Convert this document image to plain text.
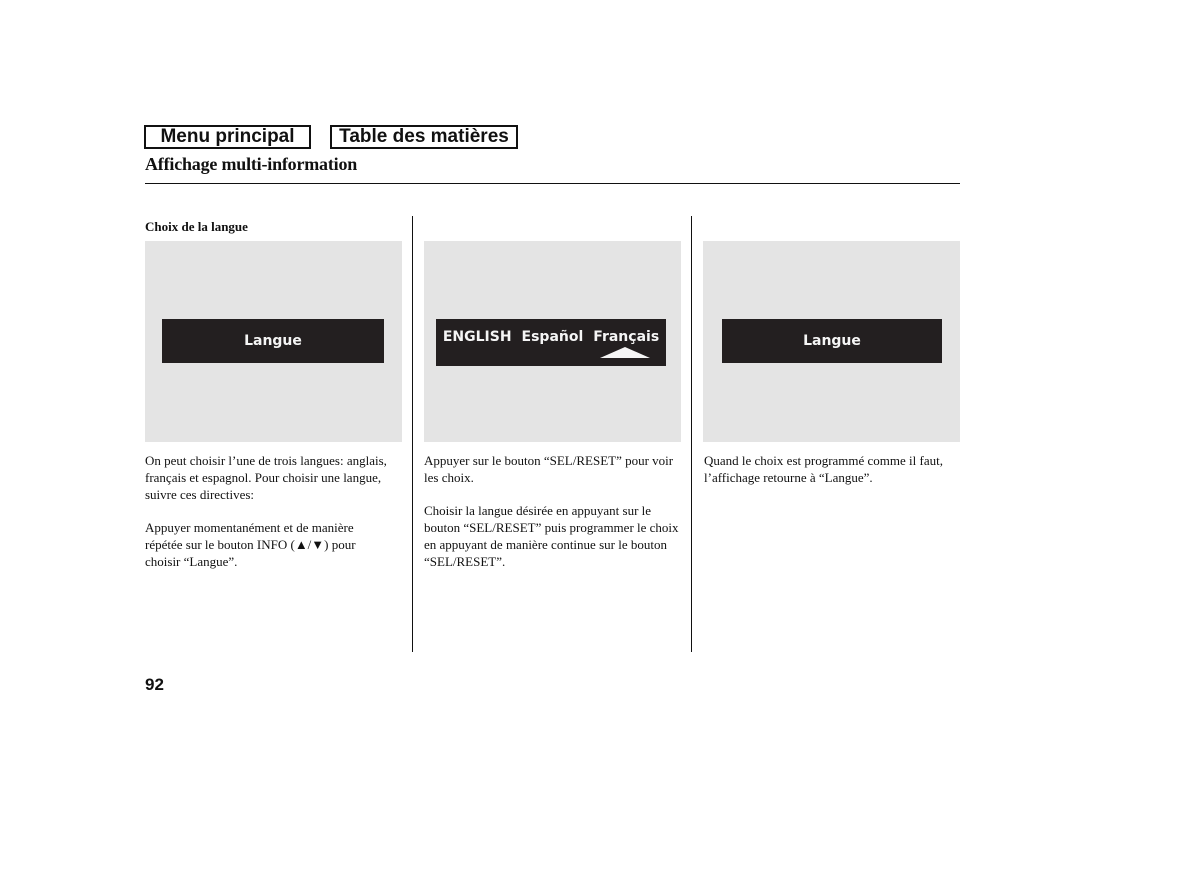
Menu principal	Table des matières
Affichage multi-information
Choix de la langue
Langue	ENGLISH Español Français	Langue

On peut choisir l’une de trois langues: anglais, français et espagnol. Pour choisir une langue, suivre ces directives:

Appuyer momentanément et de manière répétée sur le bouton INFO (▲/▼) pour choisir “Langue”.

Appuyer sur le bouton “SEL/RESET” pour voir les choix.

Choisir la langue désirée en appuyant sur le bouton “SEL/RESET” puis programmer le choix en appuyant de manière continue sur le bouton “SEL/RESET”.

Quand le choix est programmé comme il faut, l’affichage retourne à “Langue”.

92
